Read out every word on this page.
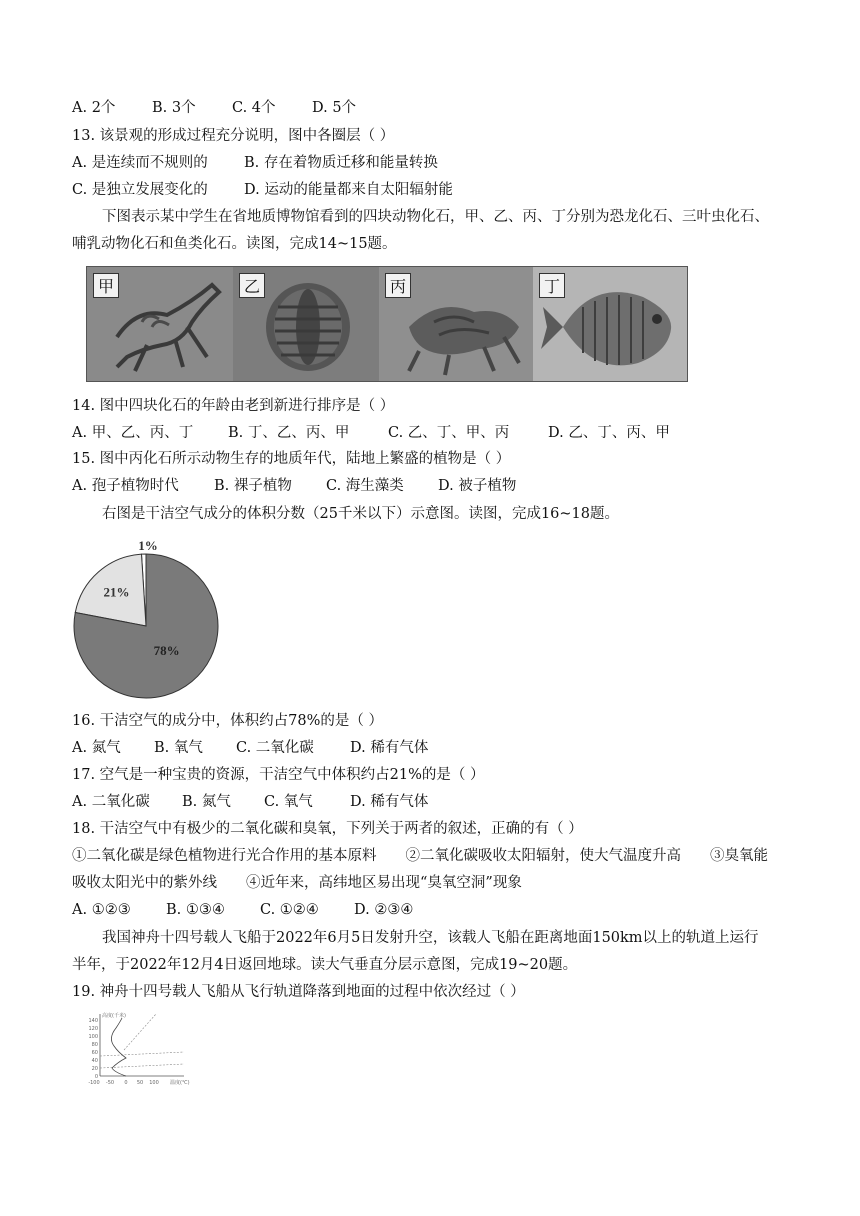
A. 2个	B. 3个	C. 4个	D. 5个
13. 该景观的形成过程充分说明，图中各圈层（ ）
A. 是连续而不规则的	B. 存在着物质迁移和能量转换
C. 是独立发展变化的 D. 运动的能量都来自太阳辐射能
下图表示某中学生在省地质博物馆看到的四块动物化石，甲、乙、丙、丁分别为恐龙化石、三叶虫化石、
哺乳动物化石和鱼类化石。读图，完成14~15题。
甲	乙	丙	丁
14. 图中四块化石的年龄由老到新进行排序是（ ）
A. 甲、乙、丙、丁 B. 丁、乙、丙、甲	C. 乙、丁、甲、丙	D. 乙、丁、丙、甲
15. 图中丙化石所示动物生存的地质年代，陆地上繁盛的植物是（ ）
A. 孢子植物时代 B. 裸子植物 C. 海生藻类 D. 被子植物
右图是干洁空气成分的体积分数（25千米以下）示意图。读图，完成16~18题。
1%
21%
78%
16. 干洁空气的成分中，体积约占78%的是（ ）
A. 氮气 B. 氧气 C. 二氧化碳 D. 稀有气体
17. 空气是一种宝贵的资源，干洁空气中体积约占21%的是（ ）
A. 二氧化碳 B. 氮气 C. 氧气	D. 稀有气体
18. 干洁空气中有极少的二氧化碳和臭氧，下列关于两者的叙述，正确的有（ ）
①二氧化碳是绿色植物进行光合作用的基本原料　　②二氧化碳吸收太阳辐射，使大气温度升高　　③臭氧能
吸收太阳光中的紫外线　　④近年来，高纬地区易出现“臭氧空洞”现象
A. ①②③ B. ①③④ C. ①②④ D. ②③④
我国神舟十四号载人飞船于2022年6月5日发射升空，该载人飞船在距离地面150km以上的轨道上运行
半年，于2022年12月4日返回地球。读大气垂直分层示意图，完成19~20题。
19. 神舟十四号载人飞船从飞行轨道降落到地面的过程中依次经过（ ）
高度(千米)
温度(℃)
140
120
100
80
60
40
20
0
-100 -50 0 50 100
